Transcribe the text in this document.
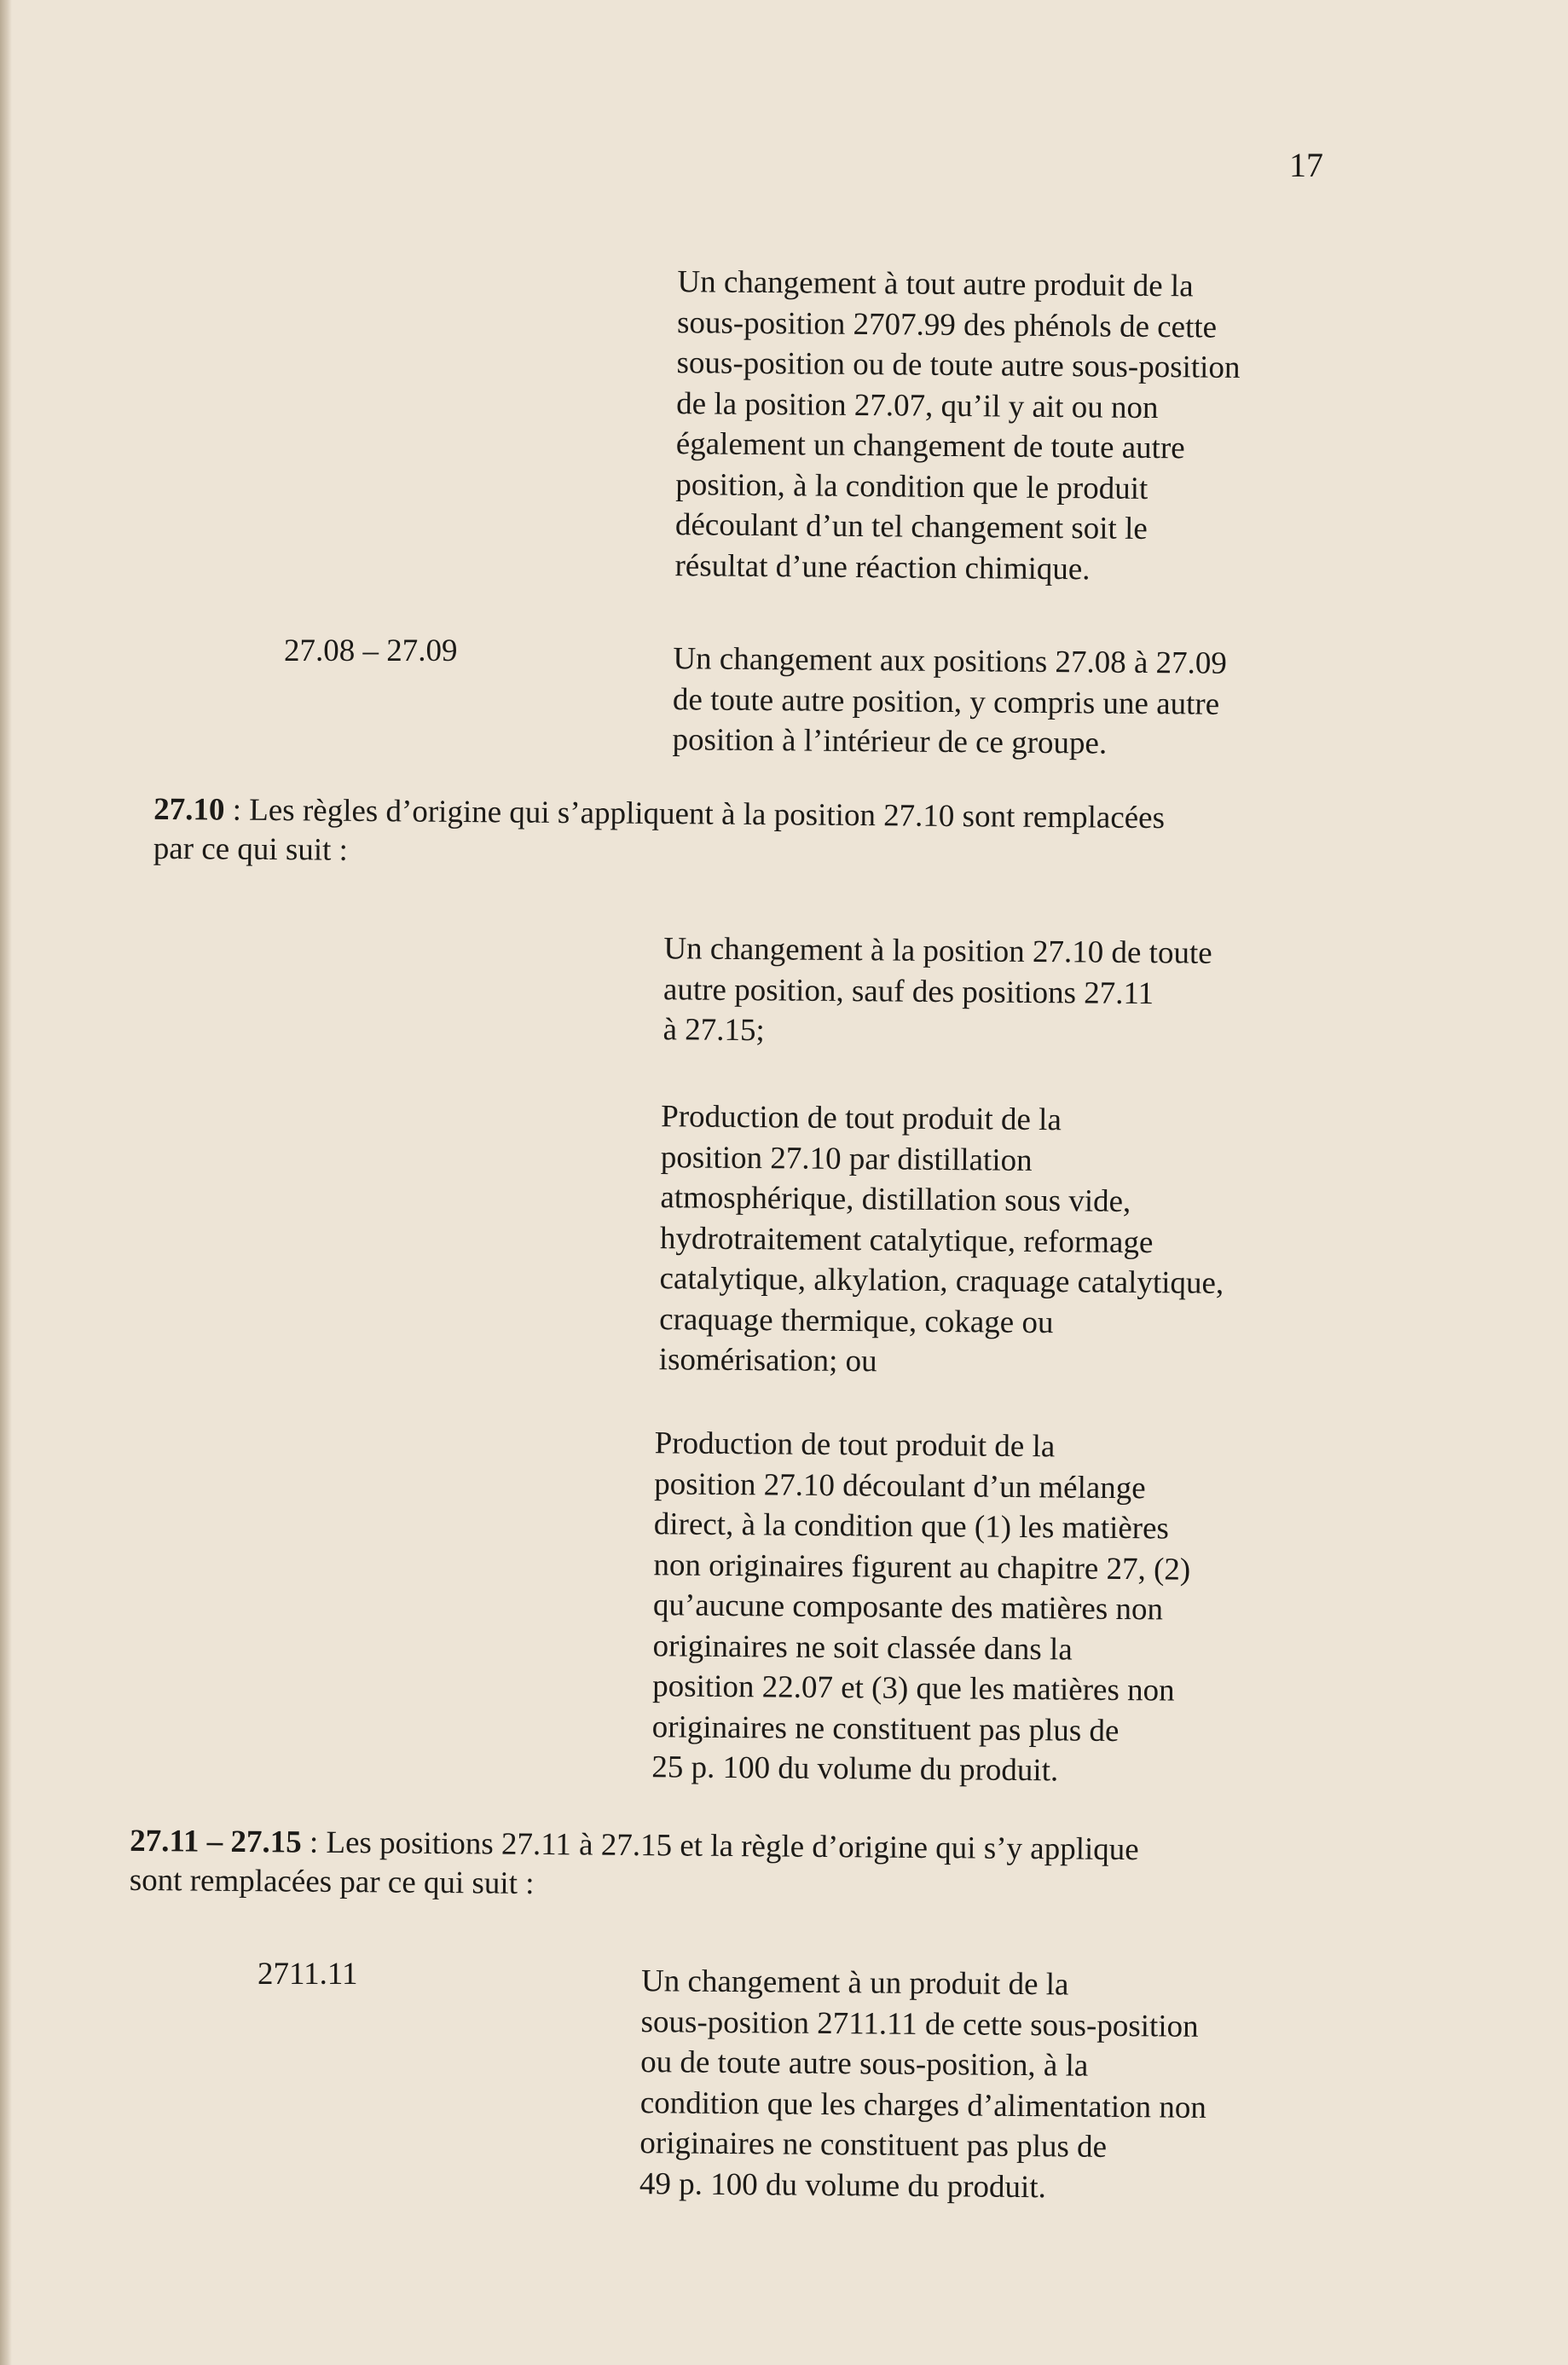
17
Un changement à tout autre produit de la
sous-position 2707.99 des phénols de cette
sous-position ou de toute autre sous-position
de la position 27.07, qu’il y ait ou non
également un changement de toute autre
position, à la condition que le produit
découlant d’un tel changement soit le
résultat d’une réaction chimique.
27.08 – 27.09	Un changement aux positions 27.08 à 27.09
de toute autre position, y compris une autre
position à l’intérieur de ce groupe.
27.10 : Les règles d’origine qui s’appliquent à la position 27.10 sont remplacées
par ce qui suit :
Un changement à la position 27.10 de toute
autre position, sauf des positions 27.11
à 27.15;
Production de tout produit de la
position 27.10 par distillation
atmosphérique, distillation sous vide,
hydrotraitement catalytique, reformage
catalytique, alkylation, craquage catalytique,
craquage thermique, cokage ou
isomérisation; ou
Production de tout produit de la
position 27.10 découlant d’un mélange
direct, à la condition que (1) les matières
non originaires figurent au chapitre 27, (2)
qu’aucune composante des matières non
originaires ne soit classée dans la
position 22.07 et (3) que les matières non
originaires ne constituent pas plus de
25 p. 100 du volume du produit.
27.11 – 27.15 : Les positions 27.11 à 27.15 et la règle d’origine qui s’y applique
sont remplacées par ce qui suit :
2711.11	Un changement à un produit de la
sous-position 2711.11 de cette sous-position
ou de toute autre sous-position, à la
condition que les charges d’alimentation non
originaires ne constituent pas plus de
49 p. 100 du volume du produit.
